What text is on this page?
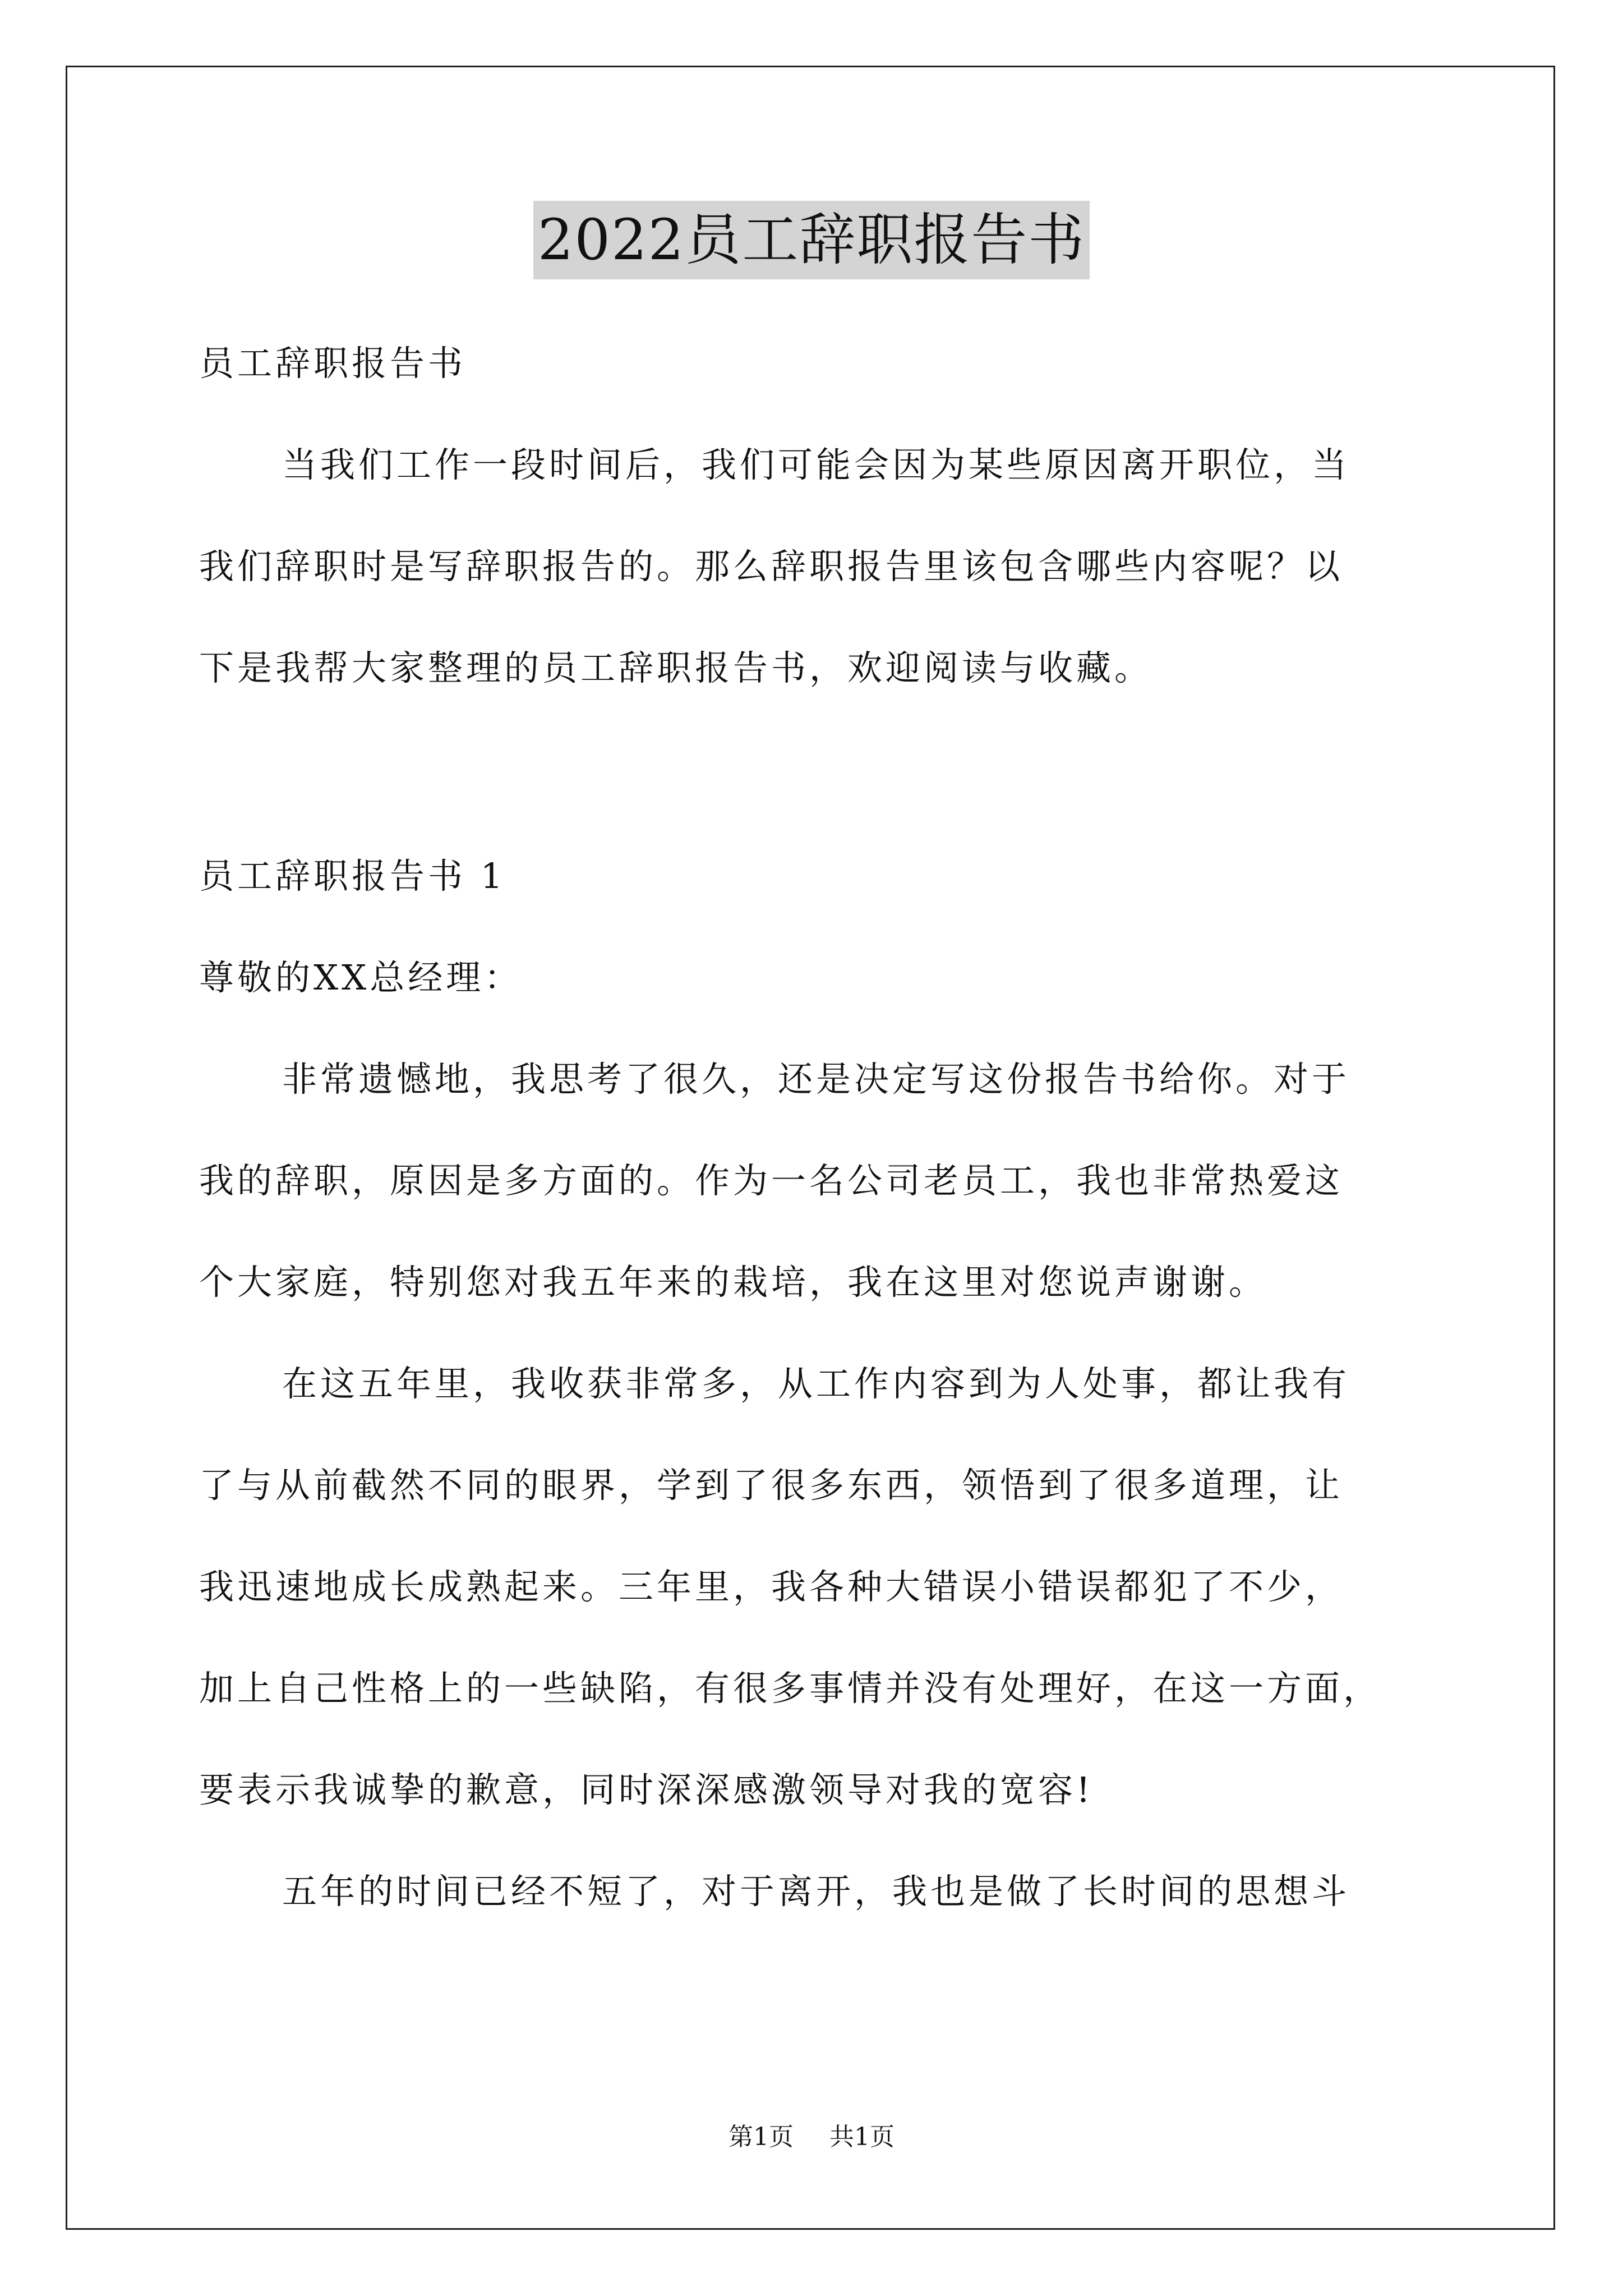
2022员工辞职报告书
员工辞职报告书
当我们工作一段时间后，我们可能会因为某些原因离开职位，当
我们辞职时是写辞职报告的。那么辞职报告里该包含哪些内容呢？以
下是我帮大家整理的员工辞职报告书，欢迎阅读与收藏。
员工辞职报告书 1
尊敬的XX总经理：
非常遗憾地，我思考了很久，还是决定写这份报告书给你。对于
我的辞职，原因是多方面的。作为一名公司老员工，我也非常热爱这
个大家庭，特别您对我五年来的栽培，我在这里对您说声谢谢。
在这五年里，我收获非常多，从工作内容到为人处事，都让我有
了与从前截然不同的眼界，学到了很多东西，领悟到了很多道理，让
我迅速地成长成熟起来。三年里，我各种大错误小错误都犯了不少，
加上自己性格上的一些缺陷，有很多事情并没有处理好，在这一方面，
要表示我诚挚的歉意，同时深深感激领导对我的宽容!
五年的时间已经不短了，对于离开，我也是做了长时间的思想斗
第1页 共1页
